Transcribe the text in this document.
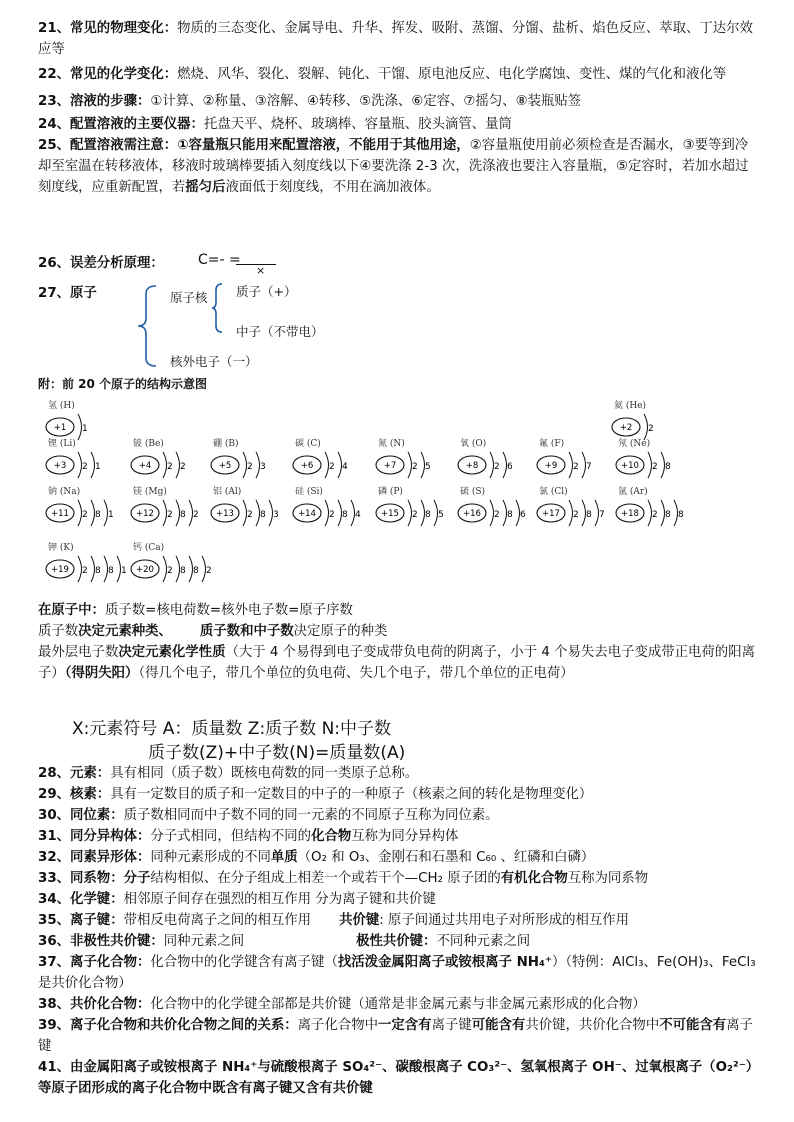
21、常见的物理变化：物质的三态变化、金属导电、升华、挥发、吸附、蒸馏、分馏、盐析、焰色反应、萃取、丁达尔效应等

22、常见的化学变化：燃烧、风华、裂化、裂解、钝化、干馏、原电池反应、电化学腐蚀、变性、煤的气化和液化等

23、溶液的步骤：①计算、②称量、③溶解、④转移、⑤洗涤、⑥定容、⑦摇匀、⑧装瓶贴签

24、配置溶液的主要仪器：托盘天平、烧杯、玻璃棒、容量瓶、胶头滴管、量筒

25、配置溶液需注意：①容量瓶只能用来配置溶液，不能用于其他用途，②容量瓶使用前必须检查是否漏水，③要等到冷却至室温在转移液体，移液时玻璃棒要插入刻度线以下④要洗涤 2-3 次，洗涤液也要注入容量瓶，⑤定容时，若加水超过刻度线，应重新配置，若摇匀后液面低于刻度线，不用在滴加液体。

26、误差分析原理： C=- =
×
27、原子	原子核 质子（+）
中子（不带电）
核外电子（一）
附：前 20 个原子的结构示意图
氢 (H)
+1 1
氦 (He)
+2 2
锂 (Li)
+3 2 1
铍 (Be)
+4 2 2
硼 (B)
+5 2 3
碳 (C)
+6 2 4
氮 (N)
+7 2 5
氧 (O)
+8 2 6
氟 (F)
+9 2 7
氖 (Ne)
+10 2 8
钠 (Na)
+11 2 8 1
镁 (Mg)
+12 2 8 2
铝 (Al)
+13 2 8 3
硅 (Si)
+14 2 8 4
磷 (P)
+15 2 8 5
硫 (S)
+16 2 8 6
氯 (Cl)
+17 2 8 7
氩 (Ar)
+18 2 8 8
钾 (K)
+19 2 8 8 1
钙 (Ca)
+20 2 8 8 2

在原子中：质子数=核电荷数=核外电子数=原子序数

质子数决定元素种类、 质子数和中子数决定原子的种类

最外层电子数决定元素化学性质（大于 4 个易得到电子变成带负电荷的阴离子，小于 4 个易失去电子变成带正电荷的阳离子）（得阴失阳）（得几个电子，带几个单位的负电荷、失几个电子，带几个单位的正电荷）

X:元素符号 A：质量数 Z:质子数 N:中子数
质子数(Z)+中子数(N)=质量数(A)

28、元素：具有相同（质子数）既核电荷数的同一类原子总称。

29、核素：具有一定数目的质子和一定数目的中子的一种原子（核素之间的转化是物理变化）

30、同位素：质子数相同而中子数不同的同一元素的不同原子互称为同位素。

31、同分异构体：分子式相同，但结构不同的化合物互称为同分异构体

32、同素异形体：同种元素形成的不同单质（O₂ 和 O₃、金刚石和石墨和 C₆₀ 、红磷和白磷）

33、同系物：分子结构相似、在分子组成上相差一个或若干个—CH₂ 原子团的有机化合物互称为同系物

34、化学键：相邻原子间存在强烈的相互作用 分为离子键和共价键

35、离子键：带相反电荷离子之间的相互作用 共价键: 原子间通过共用电子对所形成的相互作用

36、非极性共价键：同种元素之间	极性共价键：不同种元素之间

37、离子化合物：化合物中的化学键含有离子键（找活泼金属阳离子或铵根离子 NH₄⁺）（特例：AlCl₃、Fe(OH)₃、FeCl₃ 是共价化合物）

38、共价化合物：化合物中的化学键全部都是共价键（通常是非金属元素与非金属元素形成的化合物）

39、离子化合物和共价化合物之间的关系：离子化合物中一定含有离子键可能含有共价键，共价化合物中不可能含有离子键

41、由金属阳离子或铵根离子 NH₄⁺与硫酸根离子 SO₄²⁻、碳酸根离子 CO₃²⁻、氢氧根离子 OH⁻、过氧根离子（O₂²⁻）等原子团形成的离子化合物中既含有离子键又含有共价键
